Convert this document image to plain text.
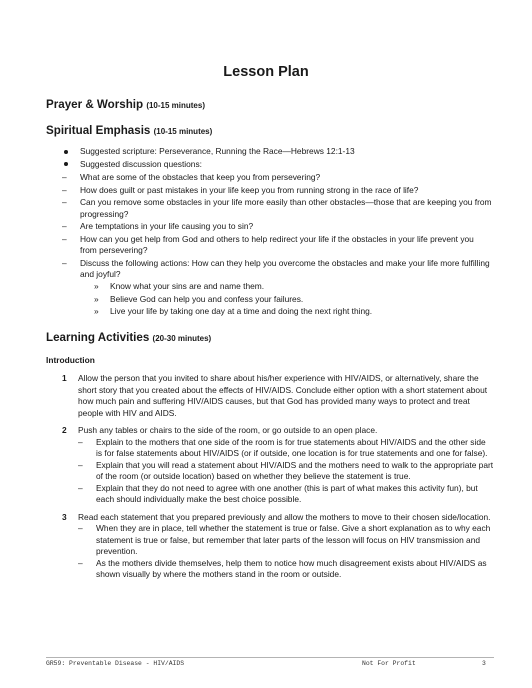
Lesson Plan
Prayer & Worship (10-15 minutes)
Spiritual Emphasis (10-15 minutes)
Suggested scripture: Perseverance, Running the Race—Hebrews 12:1-13
Suggested discussion questions:
– What are some of the obstacles that keep you from persevering?
– How does guilt or past mistakes in your life keep you from running strong in the race of life?
– Can you remove some obstacles in your life more easily than other obstacles—those that are keeping you from progressing?
– Are temptations in your life causing you to sin?
– How can you get help from God and others to help redirect your life if the obstacles in your life prevent you from persevering?
– Discuss the following actions: How can they help you overcome the obstacles and make your life more fulfilling and joyful?
» Know what your sins are and name them.
» Believe God can help you and confess your failures.
» Live your life by taking one day at a time and doing the next right thing.
Learning Activities (20-30 minutes)
Introduction
1 Allow the person that you invited to share about his/her experience with HIV/AIDS, or alternatively, share the short story that you created about the effects of HIV/AIDS. Conclude either option with a short statement about how much pain and suffering HIV/AIDS causes, but that God has provided many ways to protect and treat people with HIV and AIDS.
2 Push any tables or chairs to the side of the room, or go outside to an open place.
– Explain to the mothers that one side of the room is for true statements about HIV/AIDS and the other side is for false statements about HIV/AIDS (or if outside, one location is for true statements and one for false).
– Explain that you will read a statement about HIV/AIDS and the mothers need to walk to the appropriate part of the room (or outside location) based on whether they believe the statement is true.
– Explain that they do not need to agree with one another (this is part of what makes this activity fun), but each should individually make the best choice possible.
3 Read each statement that you prepared previously and allow the mothers to move to their chosen side/location.
– When they are in place, tell whether the statement is true or false. Give a short explanation as to why each statement is true or false, but remember that later parts of the lesson will focus on HIV transmission and prevention.
– As the mothers divide themselves, help them to notice how much disagreement exists about HIV/AIDS as shown visually by where the mothers stand in the room or outside.
GR59: Preventable Disease - HIV/AIDS	Not For Profit	3
